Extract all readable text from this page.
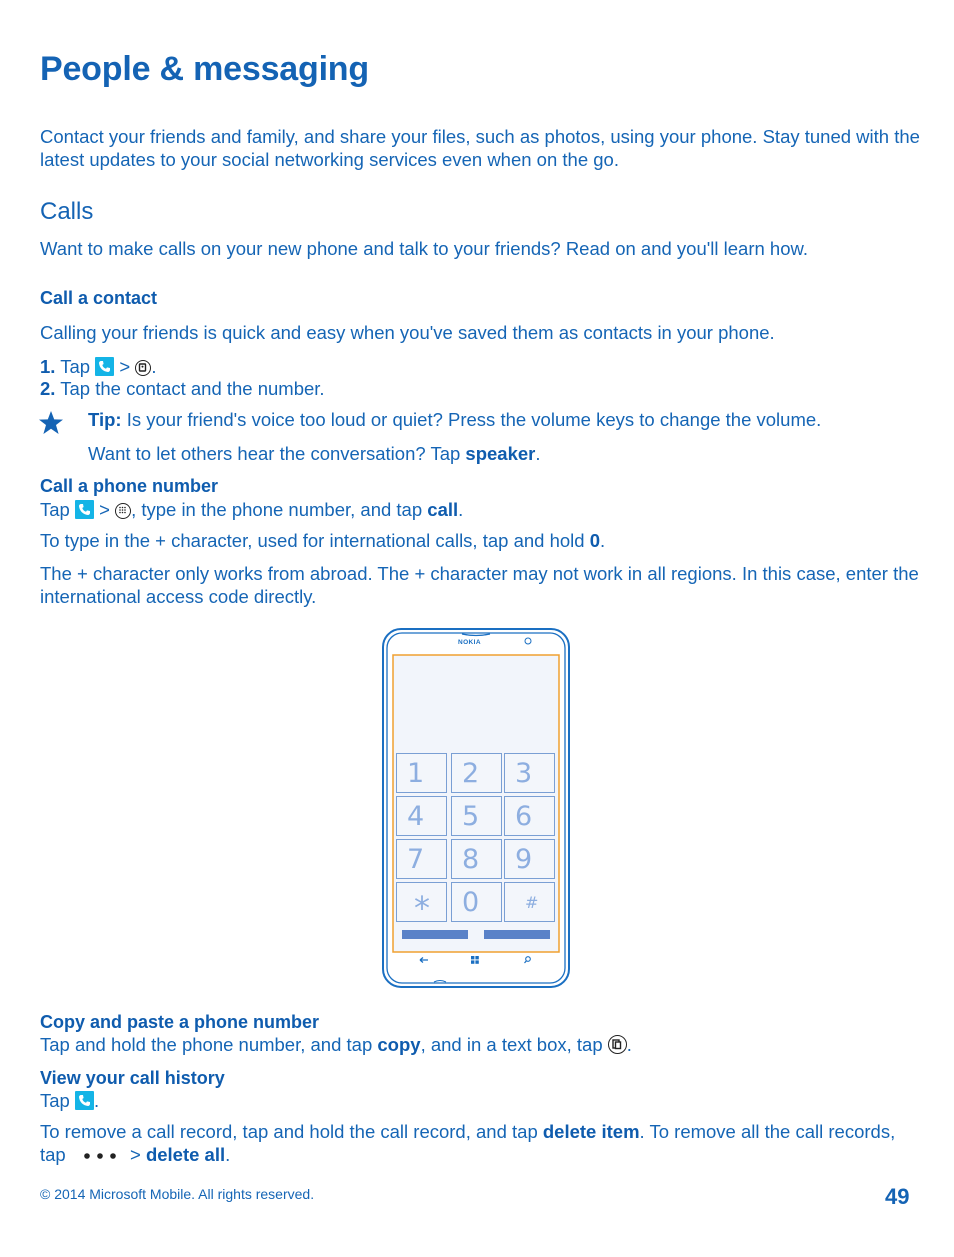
People & messaging

Contact your friends and family, and share your files, such as photos, using your phone. Stay tuned with the latest updates to your social networking services even when on the go.

Calls

Want to make calls on your new phone and talk to your friends? Read on and you'll learn how.

Call a contact

Calling your friends is quick and easy when you've saved them as contacts in your phone.

1. Tap > .

2. Tap the contact and the number.

Tip: Is your friend's voice too loud or quiet? Press the volume keys to change the volume.

Want to let others hear the conversation? Tap speaker.

Call a phone number

Tap > , type in the phone number, and tap call.

To type in the + character, used for international calls, tap and hold 0.

The + character only works from abroad. The + character may not work in all regions. In this case, enter the international access code directly.

NOKIA
1	2	3
4	5	6
7	8	9
*	0	#
Copy and paste a phone number

Tap and hold the phone number, and tap copy, and in a text box, tap .

View your call history

Tap .

To remove a call record, tap and hold the call record, and tap delete item. To remove all the call records, tap	> delete all.

© 2014 Microsoft Mobile. All rights reserved.	49
